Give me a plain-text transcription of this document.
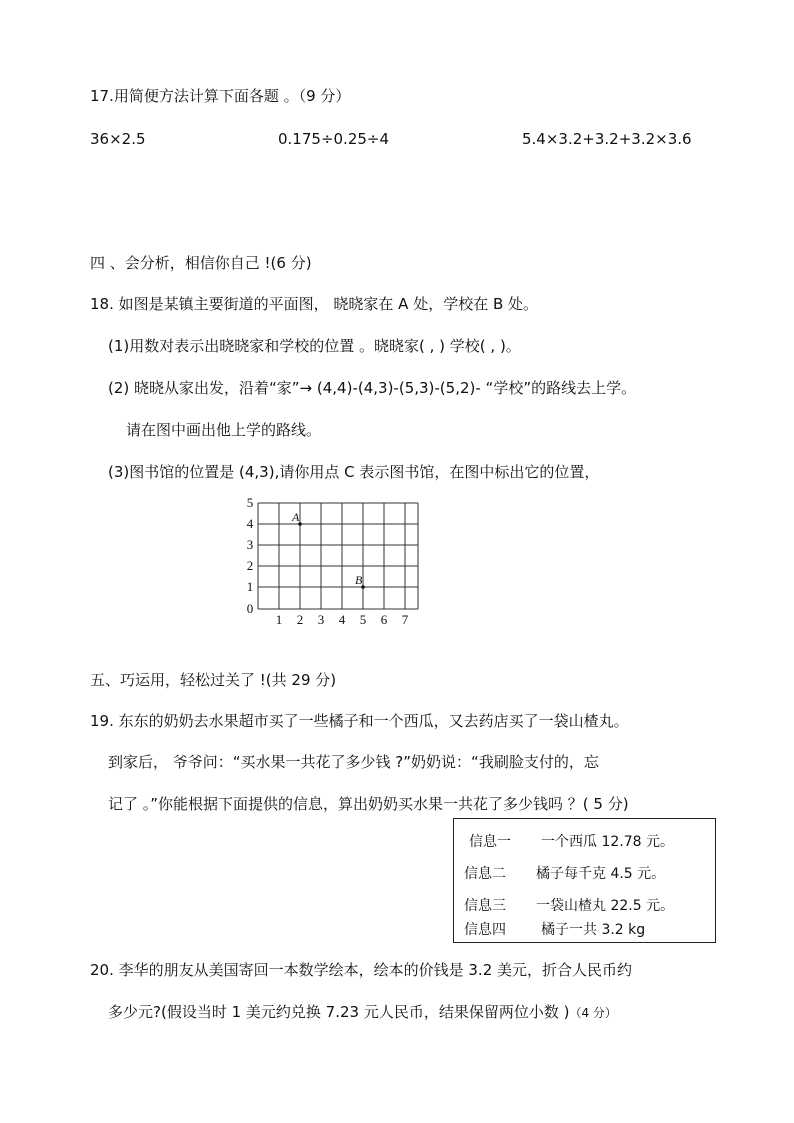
17.用简便方法计算下面各题 。（9 分）
36×2.5	0.175÷0.25÷4	5.4×3.2+3.2+3.2×3.6
四 、会分析，相信你自己 !(6 分)
18. 如图是某镇主要街道的平面图， 晓晓家在 A 处，学校在 B 处。
(1)用数对表示出晓晓家和学校的位置 。晓晓家( , ) 学校( , )。
(2) 晓晓从家出发，沿着“家”→ (4,4)-(4,3)-(5,3)-(5,2)- “学校”的路线去上学。
请在图中画出他上学的路线。
(3)图书馆的位置是 (4,3),请你用点 C 表示图书馆，在图中标出它的位置，
1 2 3 4 5 6 7
0
1
2
3
4
5
A
B
五、巧运用，轻松过关了 !(共 29 分)
19. 东东的奶奶去水果超市买了一些橘子和一个西瓜，又去药店买了一袋山楂丸。
到家后， 爷爷问：“买水果一共花了多少钱 ?”奶奶说：“我刷脸支付的，忘
记了 。”你能根据下面提供的信息，算出奶奶买水果一共花了多少钱吗 ？( 5 分)
信息一 一个西瓜 12.78 元。
信息二 橘子每千克 4.5 元。
信息三 一袋山楂丸 22.5 元。
信息四	橘子一共 3.2 kg
20. 李华的朋友从美国寄回一本数学绘本，绘本的价钱是 3.2 美元，折合人民币约
多少元?(假设当时 1 美元约兑换 7.23 元人民币，结果保留两位小数 )（4 分）
